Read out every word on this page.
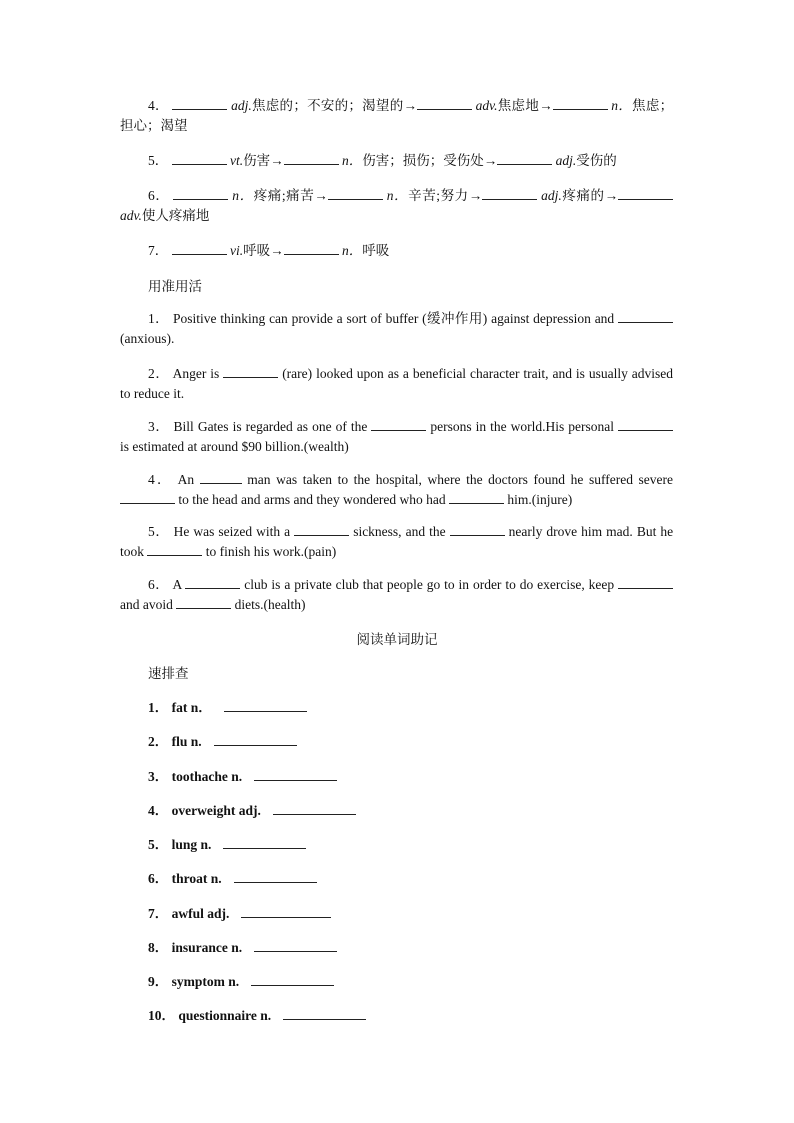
4．	adj.焦虑的；不安的；渴望的→	adv.焦虑地→	n．焦虑；担心；渴望
5．	vt.伤害→	n．伤害；损伤；受伤处→	adj.受伤的
6．	n．疼痛;痛苦→	n．辛苦;努力→	adj.疼痛的→ adv.使人疼痛地
7．	vi.呼吸→	n．呼吸
用准用活
1． Positive thinking can provide a sort of buffer (缓冲作用) against depression and  (anxious).
2． Anger is	(rare) looked upon as a beneficial character trait, and is usually advised to reduce it.
3． Bill Gates is regarded as one of the	persons in the world.His personal  is estimated at around $90 billion.(wealth)
4． An	man was taken to the hospital, where the doctors found he suffered severe  to the head and arms and they wondered who had	him.(injure)
5． He was seized with a	sickness, and the	nearly drove him mad. But he took	to finish his work.(pain)
6． A	club is a private club that people go to in order to do exercise, keep  and avoid	diets.(health)
阅读单词助记
速排查
1． fat n．
2． flu n.
3． toothache n.
4． overweight adj.
5． lung n.
6． throat n.
7． awful adj.
8． insurance n.
9． symptom n.
10． questionnaire n.
